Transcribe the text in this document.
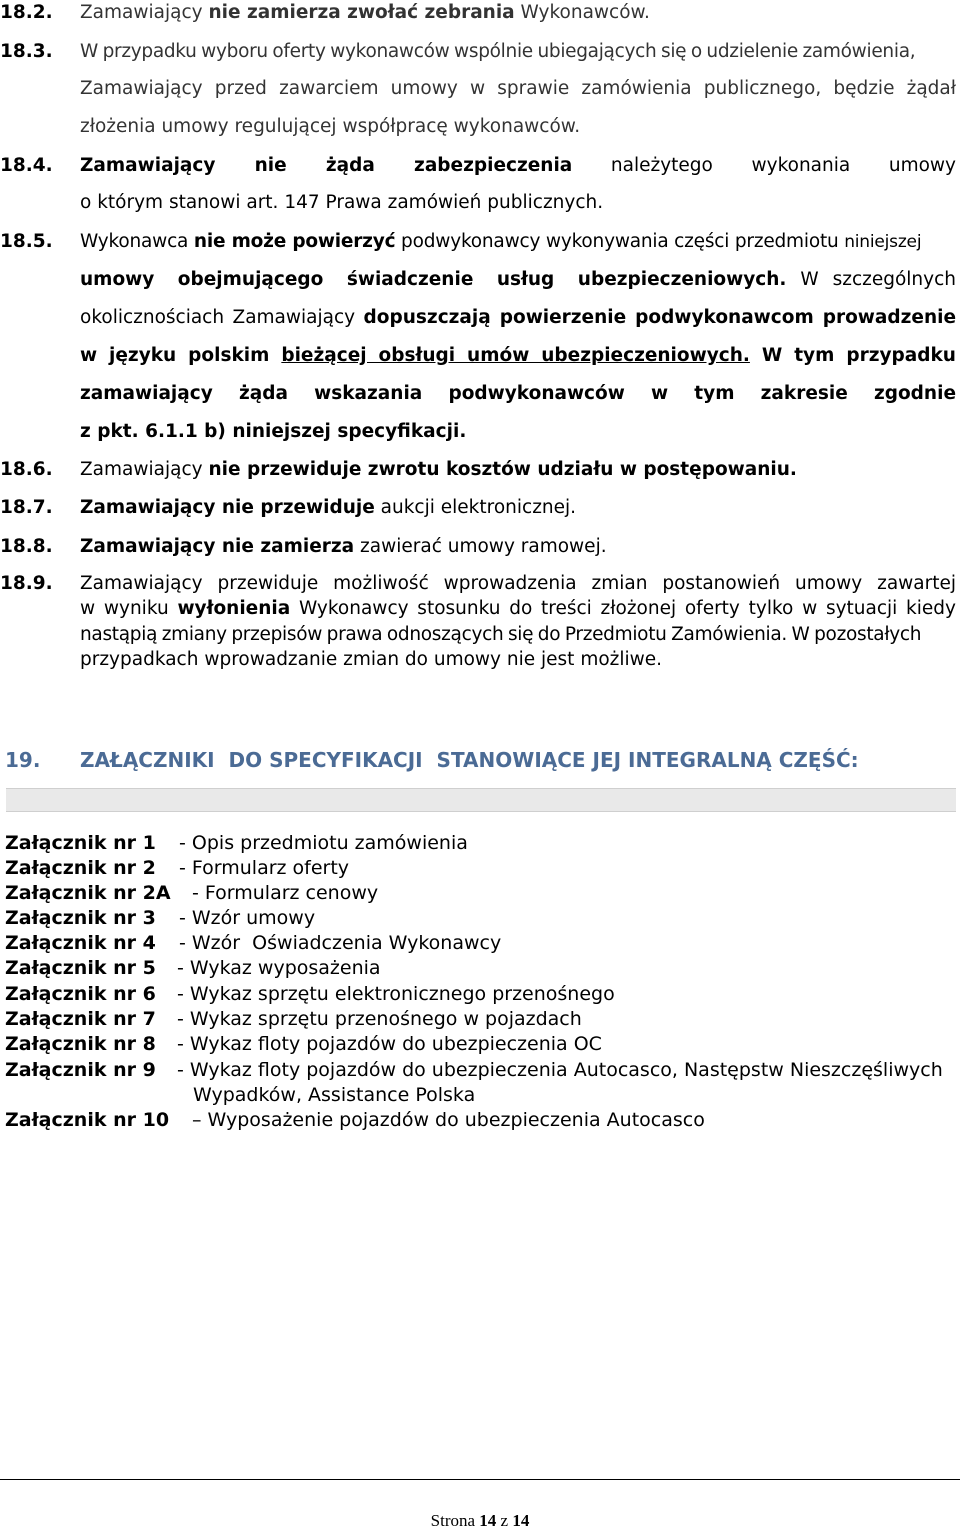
18.2.	Zamawiający nie zamierza zwołać zebrania Wykonawców.
18.3.	W przypadku wyboru oferty wykonawców wspólnie ubiegających się o udzielenie zamówienia,
Zamawiający przed zawarciem umowy w sprawie zamówienia publicznego, będzie żądał
złożenia umowy regulującej współpracę wykonawców.
18.4.	Zamawiający nie żąda zabezpieczenia należytego wykonania umowy
o którym stanowi art. 147 Prawa zamówień publicznych.
18.5.	Wykonawca nie może powierzyć podwykonawcy wykonywania części przedmiotu niniejszej
umowy obejmującego świadczenie usług ubezpieczeniowych. W szczególnych
okolicznościach Zamawiający dopuszczają powierzenie podwykonawcom prowadzenie
w języku polskim bieżącej obsługi umów ubezpieczeniowych. W tym przypadku
zamawiający żąda wskazania podwykonawców w tym zakresie zgodnie
z pkt. 6.1.1 b) niniejszej specyfikacji.
18.6.	Zamawiający nie przewiduje zwrotu kosztów udziału w postępowaniu.
18.7.	Zamawiający nie przewiduje aukcji elektronicznej.
18.8.	Zamawiający nie zamierza zawierać umowy ramowej.
18.9.	Zamawiający przewiduje możliwość wprowadzenia zmian postanowień umowy zawartej
w wyniku wyłonienia Wykonawcy stosunku do treści złożonej oferty tylko w sytuacji kiedy
nastąpią zmiany przepisów prawa odnoszących się do Przedmiotu Zamówienia. W pozostałych
przypadkach wprowadzanie zmian do umowy nie jest możliwe.
19. ZAŁĄCZNIKI  DO SPECYFIKACJI  STANOWIĄCE JEJ INTEGRALNĄ CZĘŚĆ:
Załącznik nr 1 - Opis przedmiotu zamówienia
Załącznik nr 2 - Formularz oferty
Załącznik nr 2A - Formularz cenowy
Załącznik nr 3 - Wzór umowy
Załącznik nr 4 - Wzór  Oświadczenia Wykonawcy
Załącznik nr 5 - Wykaz wyposażenia
Załącznik nr 6 - Wykaz sprzętu elektronicznego przenośnego
Załącznik nr 7 - Wykaz sprzętu przenośnego w pojazdach
Załącznik nr 8 - Wykaz floty pojazdów do ubezpieczenia OC
Załącznik nr 9 - Wykaz floty pojazdów do ubezpieczenia Autocasco, Następstw Nieszczęśliwych
Wypadków, Assistance Polska
Załącznik nr 10 – Wyposażenie pojazdów do ubezpieczenia Autocasco
Strona 14 z 14
